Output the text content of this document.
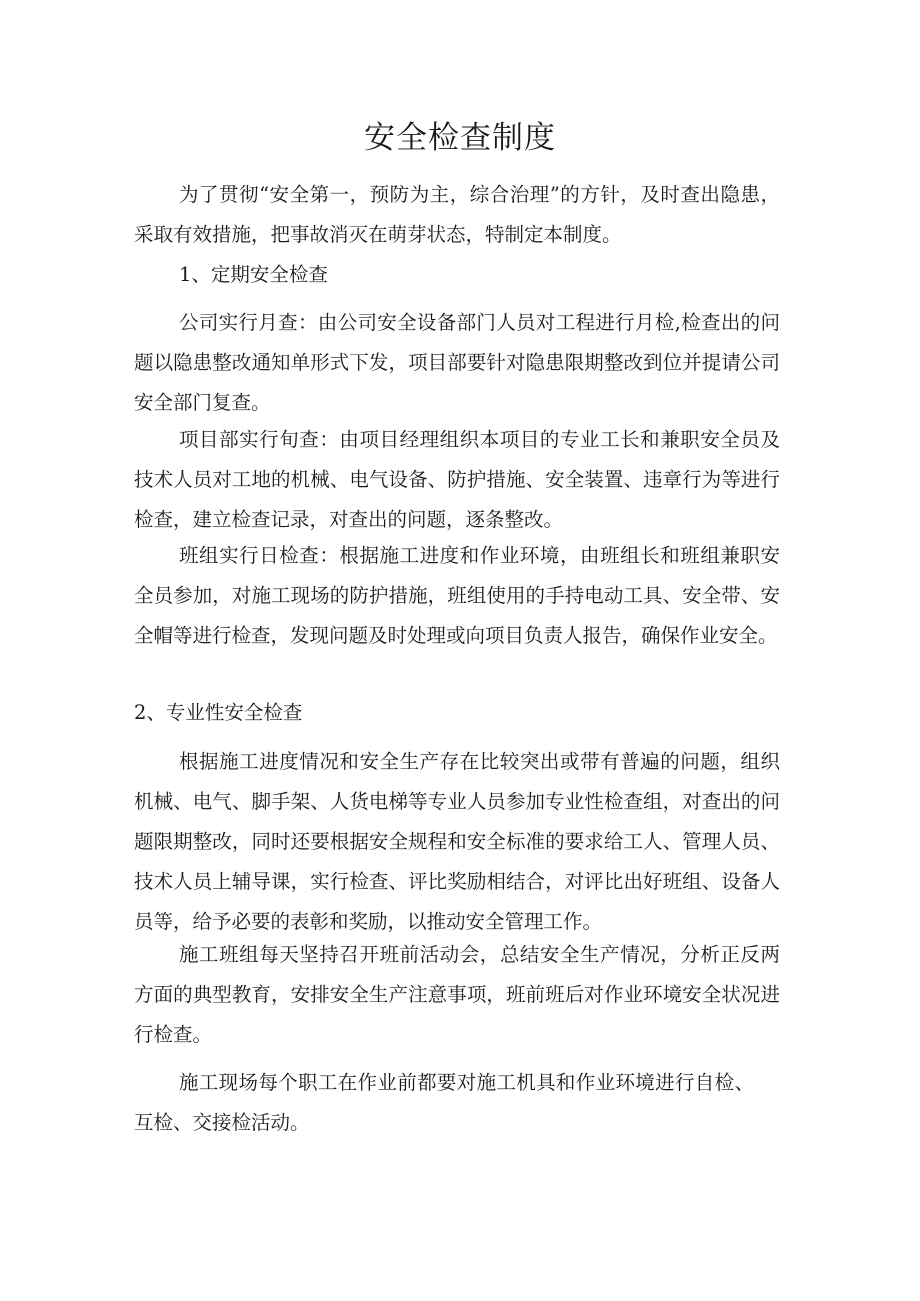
安全检查制度
为了贯彻“安全第一，预防为主，综合治理”的方针，及时查出隐患，采取有效措施，把事故消灭在萌芽状态，特制定本制度。
1、定期安全检查
公司实行月查：由公司安全设备部门人员对工程进行月检,检查出的问题以隐患整改通知单形式下发，项目部要针对隐患限期整改到位并提请公司安全部门复查。
项目部实行旬查：由项目经理组织本项目的专业工长和兼职安全员及技术人员对工地的机械、电气设备、防护措施、安全装置、违章行为等进行检查，建立检查记录，对查出的问题，逐条整改。
班组实行日检查：根据施工进度和作业环境，由班组长和班组兼职安全员参加，对施工现场的防护措施，班组使用的手持电动工具、安全带、安全帽等进行检查，发现问题及时处理或向项目负责人报告，确保作业安全。
2、专业性安全检查
根据施工进度情况和安全生产存在比较突出或带有普遍的问题，组织机械、电气、脚手架、人货电梯等专业人员参加专业性检查组，对查出的问题限期整改，同时还要根据安全规程和安全标准的要求给工人、管理人员、技术人员上辅导课，实行检查、评比奖励相结合，对评比出好班组、设备人员等，给予必要的表彰和奖励，以推动安全管理工作。
施工班组每天坚持召开班前活动会，总结安全生产情况，分析正反两方面的典型教育，安排安全生产注意事项，班前班后对作业环境安全状况进行检查。
施工现场每个职工在作业前都要对施工机具和作业环境进行自检、互检、交接检活动。
